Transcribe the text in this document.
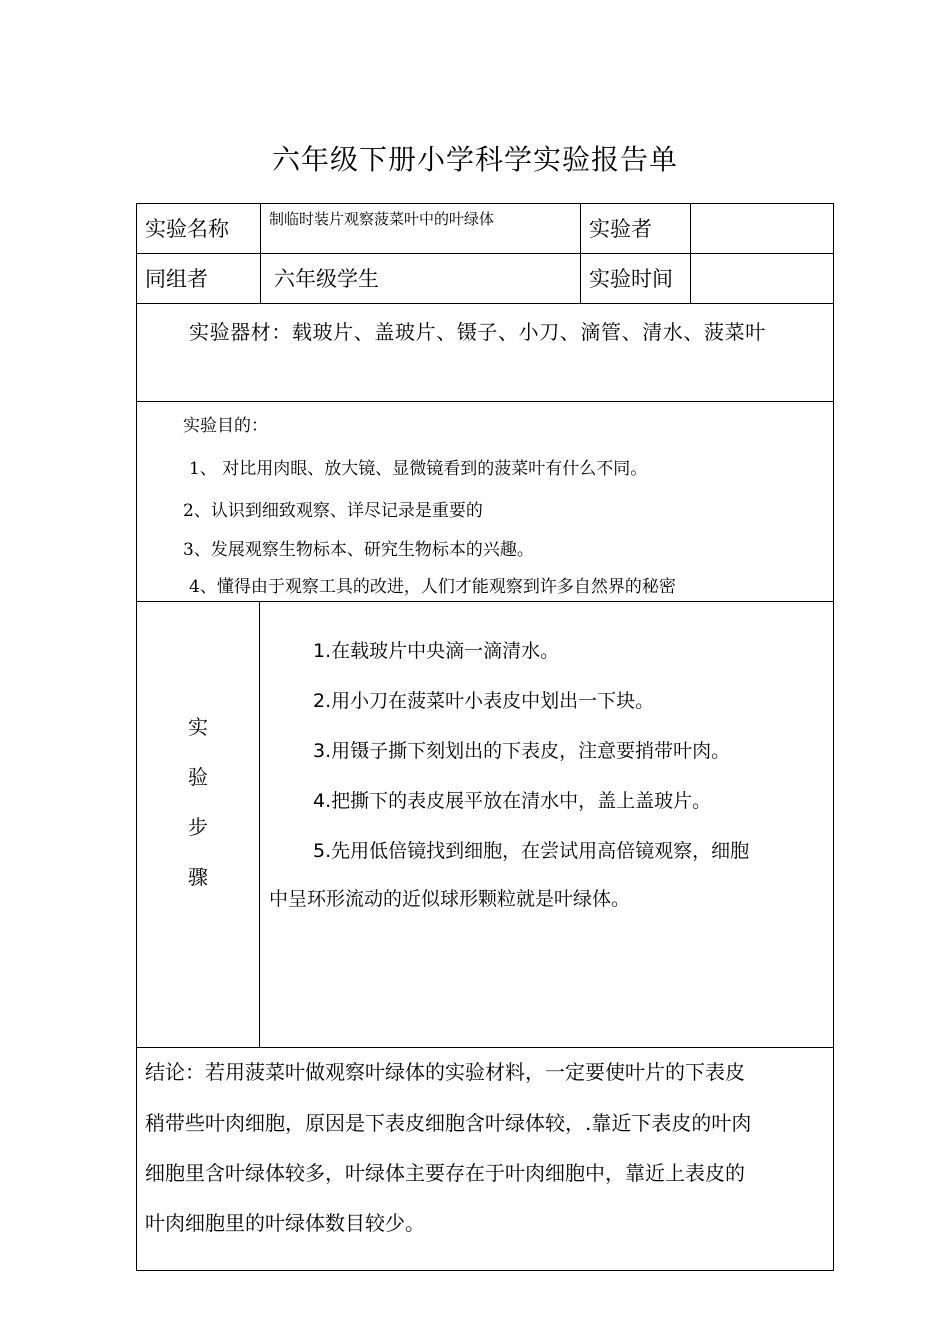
六年级下册小学科学实验报告单
实验名称	制临时装片观察菠菜叶中的叶绿体	实验者
同组者	六年级学生	实验时间
实验器材：载玻片、盖玻片、镊子、小刀、滴管、清水、菠菜叶
实验目的：
1、 对比用肉眼、放大镜、显微镜看到的菠菜叶有什么不同。
2、认识到细致观察、详尽记录是重要的
3、发展观察生物标本、研究生物标本的兴趣。
4、懂得由于观察工具的改进，人们才能观察到许多自然界的秘密
实
验
步
骤
1.在载玻片中央滴一滴清水。
2.用小刀在菠菜叶小表皮中划出一下块。
3.用镊子撕下刻划出的下表皮，注意要捎带叶肉。
4.把撕下的表皮展平放在清水中，盖上盖玻片。
5.先用低倍镜找到细胞，在尝试用高倍镜观察，细胞
中呈环形流动的近似球形颗粒就是叶绿体。
结论：若用菠菜叶做观察叶绿体的实验材料，一定要使叶片的下表皮
稍带些叶肉细胞，原因是下表皮细胞含叶绿体较，.靠近下表皮的叶肉
细胞里含叶绿体较多，叶绿体主要存在于叶肉细胞中，靠近上表皮的
叶肉细胞里的叶绿体数目较少。
